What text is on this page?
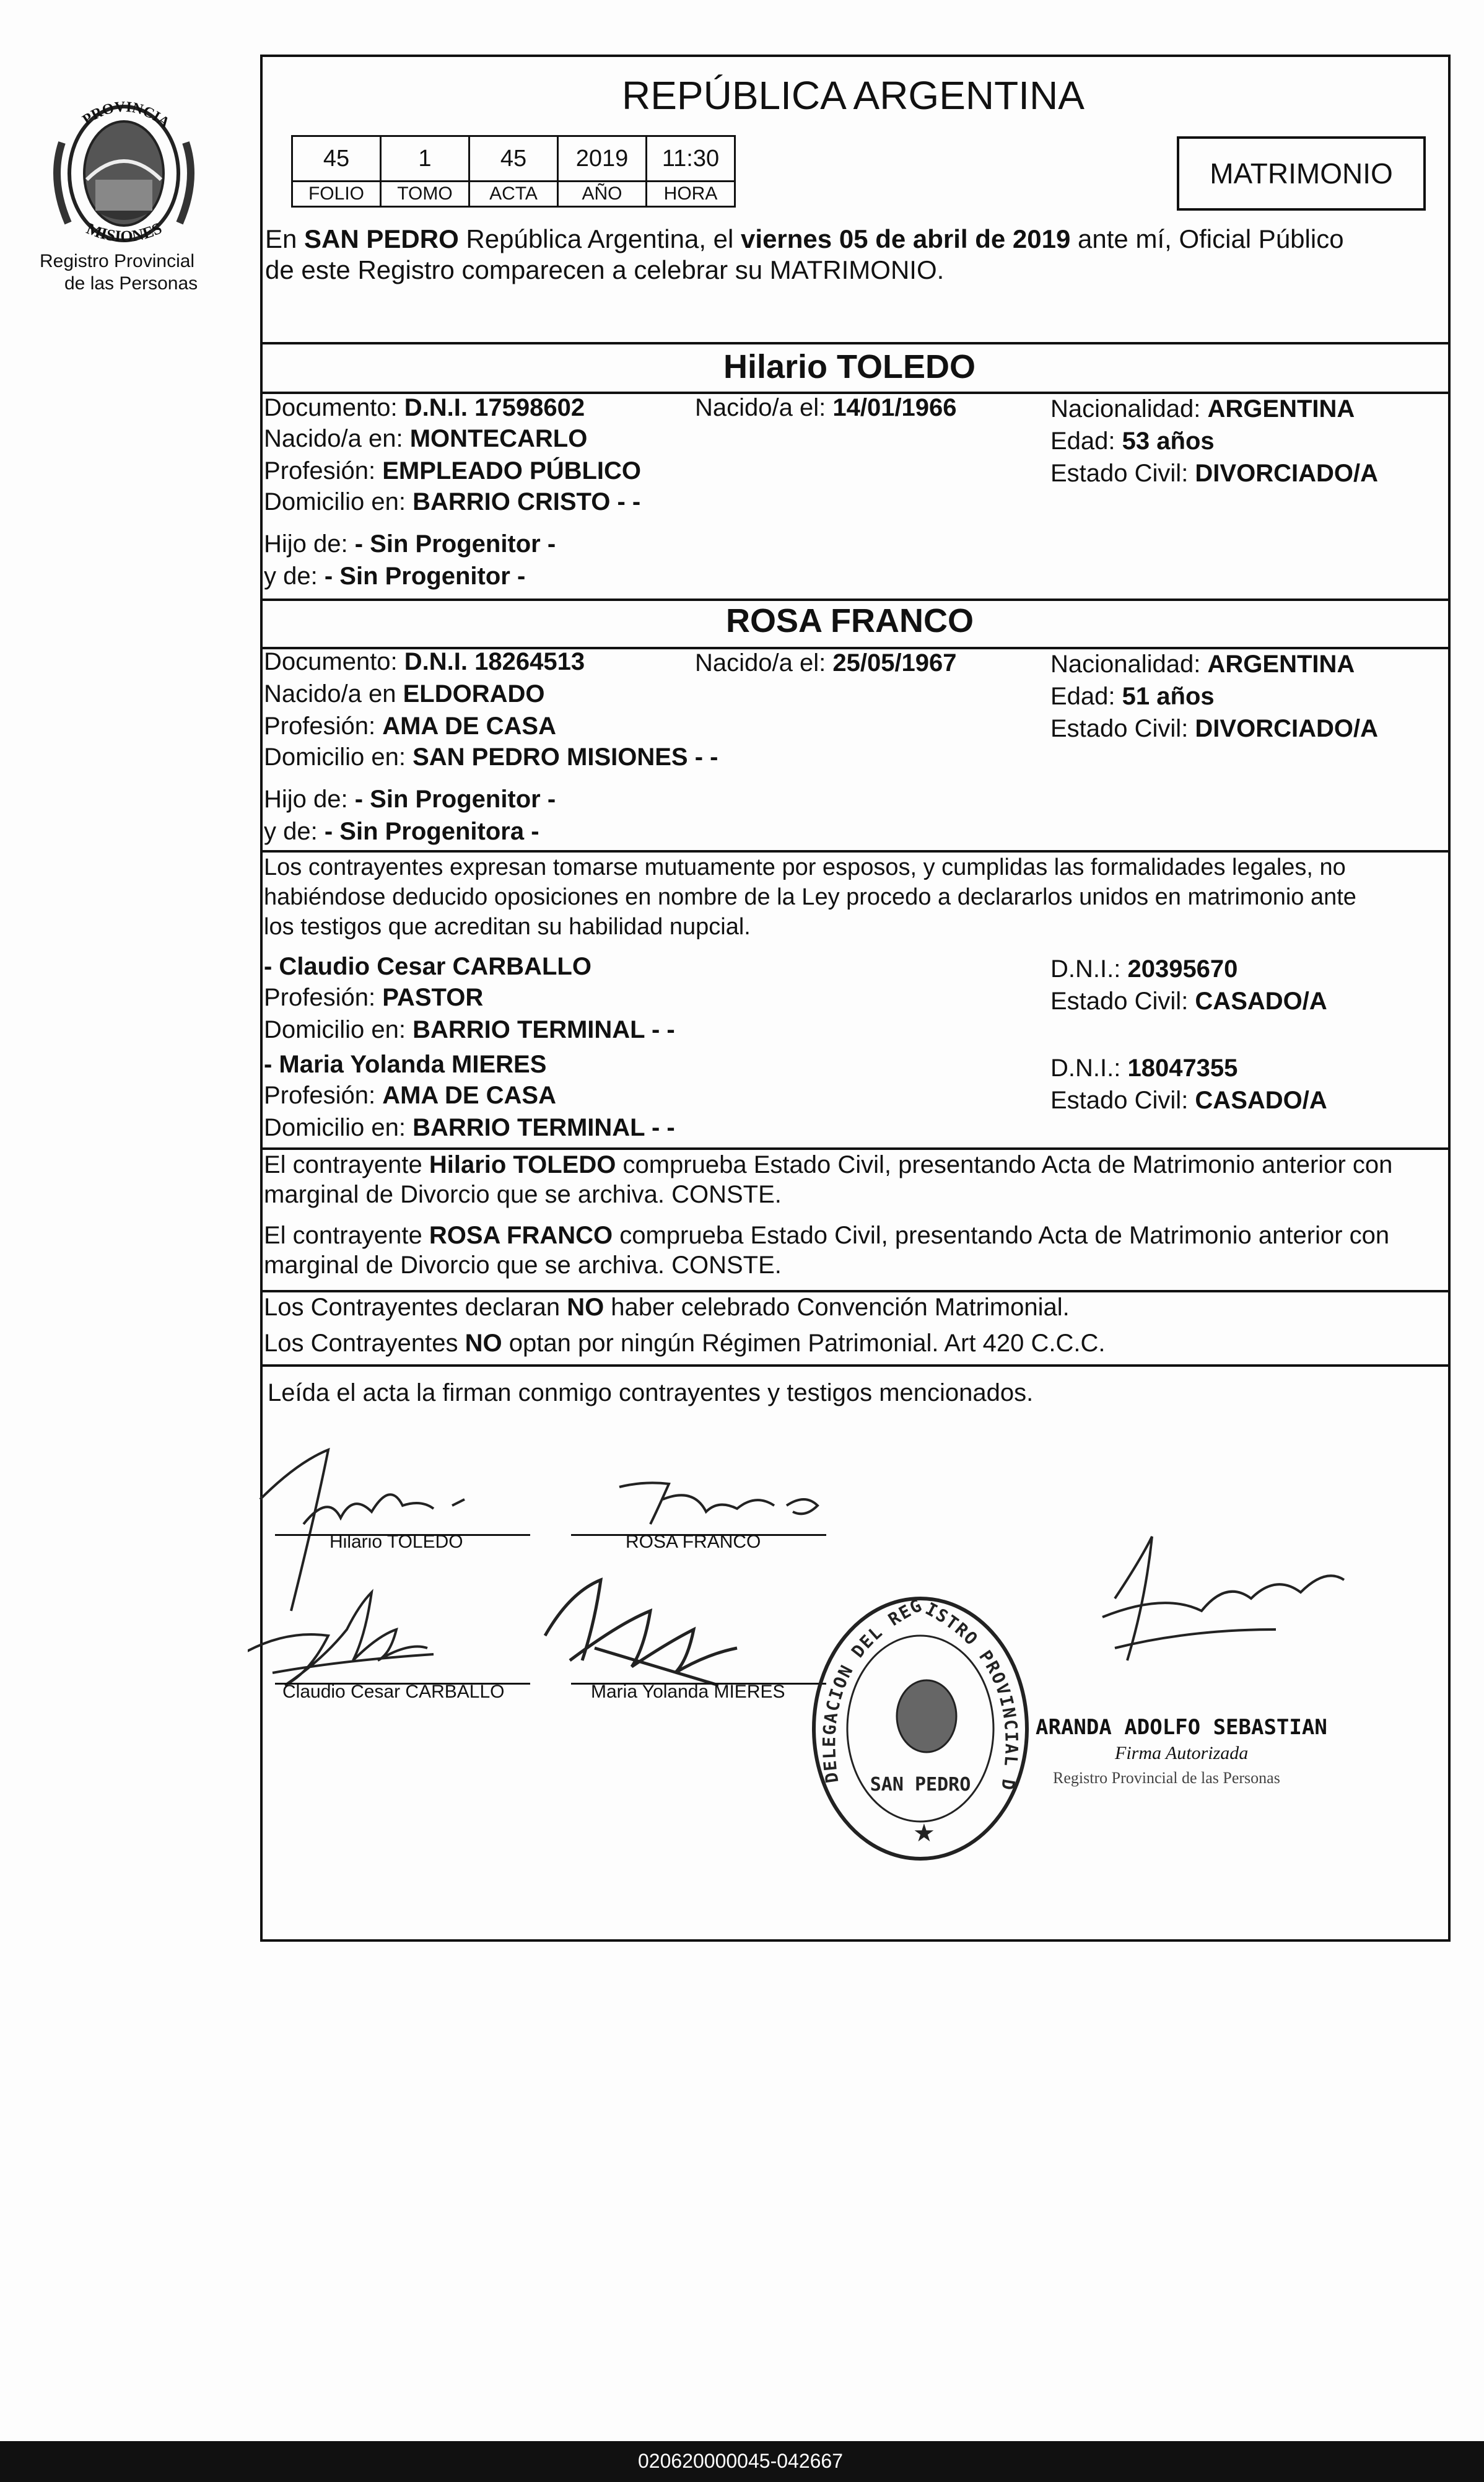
PROVINCIA
MISIONES
Registro Provincial
de las Personas
REPÚBLICA ARGENTINA
45	1	45	2019	11:30
FOLIO	TOMO	ACTA	AÑO	HORA
MATRIMONIO
En SAN PEDRO República Argentina, el viernes 05 de abril de 2019 ante mí, Oficial Público
de este Registro comparecen a celebrar su MATRIMONIO.
Hilario TOLEDO
Documento: D.N.I. 17598602	Nacido/a el: 14/01/1966	Nacionalidad: ARGENTINA
Nacido/a en: MONTECARLO	Edad: 53 años
Profesión: EMPLEADO PÚBLICO	Estado Civil: DIVORCIADO/A
Domicilio en: BARRIO CRISTO - -
Hijo de: - Sin Progenitor -
y de: - Sin Progenitor -
ROSA FRANCO
Documento: D.N.I. 18264513	Nacido/a el: 25/05/1967	Nacionalidad: ARGENTINA
Nacido/a en ELDORADO	Edad: 51 años
Profesión: AMA DE CASA	Estado Civil: DIVORCIADO/A
Domicilio en: SAN PEDRO MISIONES - -
Hijo de: - Sin Progenitor -
y de: - Sin Progenitora -
Los contrayentes expresan tomarse mutuamente por esposos, y cumplidas las formalidades legales, no
habiéndose deducido oposiciones en nombre de la Ley procedo a declararlos unidos en matrimonio ante
los testigos que acreditan su habilidad nupcial.
- Claudio Cesar CARBALLO	D.N.I.: 20395670
Profesión: PASTOR	Estado Civil: CASADO/A
Domicilio en: BARRIO TERMINAL - -
- Maria Yolanda MIERES	D.N.I.: 18047355
Profesión: AMA DE CASA	Estado Civil: CASADO/A
Domicilio en: BARRIO TERMINAL - -
El contrayente Hilario TOLEDO comprueba Estado Civil, presentando Acta de Matrimonio anterior con
marginal de Divorcio que se archiva. CONSTE.
El contrayente ROSA FRANCO comprueba Estado Civil, presentando Acta de Matrimonio anterior con
marginal de Divorcio que se archiva. CONSTE.
Los Contrayentes declaran NO haber celebrado Convención Matrimonial.
Los Contrayentes NO optan por ningún Régimen Patrimonial. Art 420 C.C.C.
Leída el acta la firman conmigo contrayentes y testigos mencionados.
Hilario TOLEDO	ROSA FRANCO
Claudio Cesar CARBALLO	Maria Yolanda MIERES
DELEGACION DEL REGISTRO PROVINCIAL D
SAN PEDRO
★
ARANDA ADOLFO SEBASTIAN
Firma Autorizada
Registro Provincial de las Personas
020620000045-042667
